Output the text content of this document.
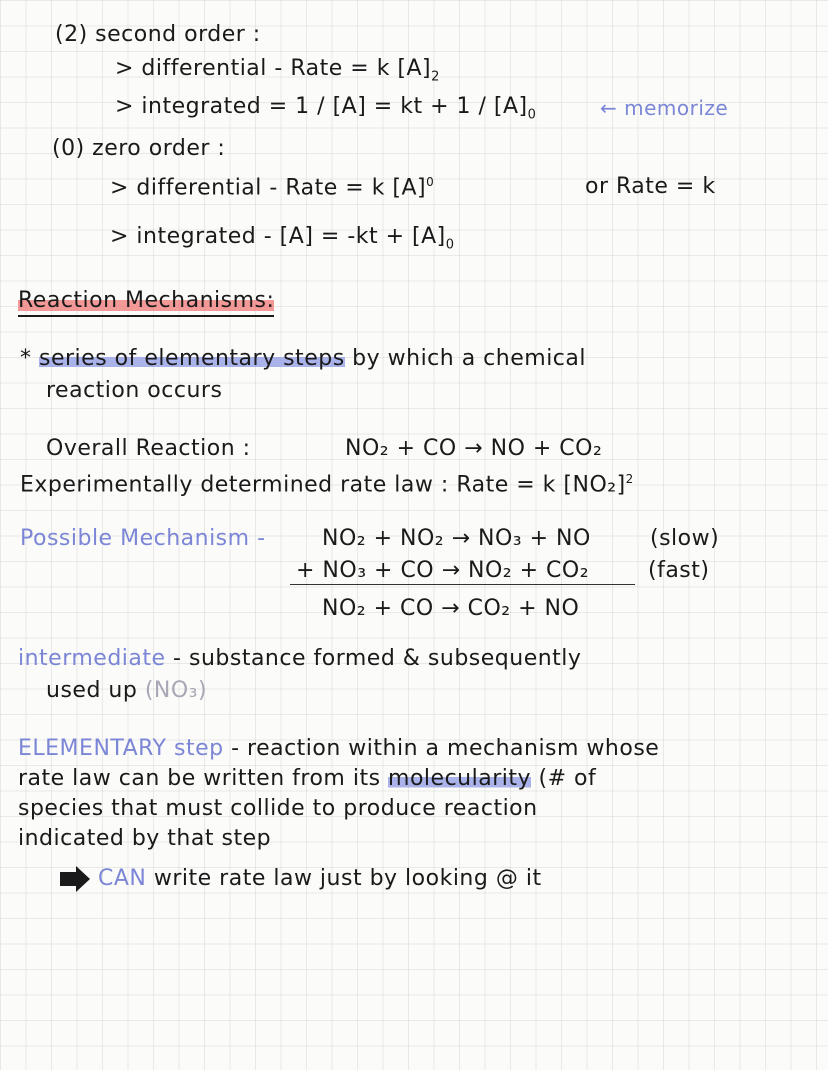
(2) second order :
> differential - Rate = k $[A]_2$
> integrated = 1 / [A] = kt + $1 / [A]_0$	← memorize
(0) zero order :
> differential - Rate = k $[A]^0$	or Rate = k
> integrated - $[A] = -kt + [A]_0$
Reaction Mechanisms:
* series of elementary steps by which a chemical
reaction occurs
Overall Reaction :	NO₂ + CO → NO + CO₂
Experimentally determined rate law : Rate = k $[NO_2]^2$
Possible Mechanism -	NO₂ + NO₂ → NO₃ + NO	(slow)
+ NO₃ + CO → NO₂ + CO₂	(fast)
NO₂ + CO → CO₂ + NO
intermediate - substance formed & subsequently
used up (NO₃)
ELEMENTARY step - reaction within a mechanism whose
rate law can be written from its molecularity (# of
species that must collide to produce reaction
indicated by that step
CAN write rate law just by looking @ it
